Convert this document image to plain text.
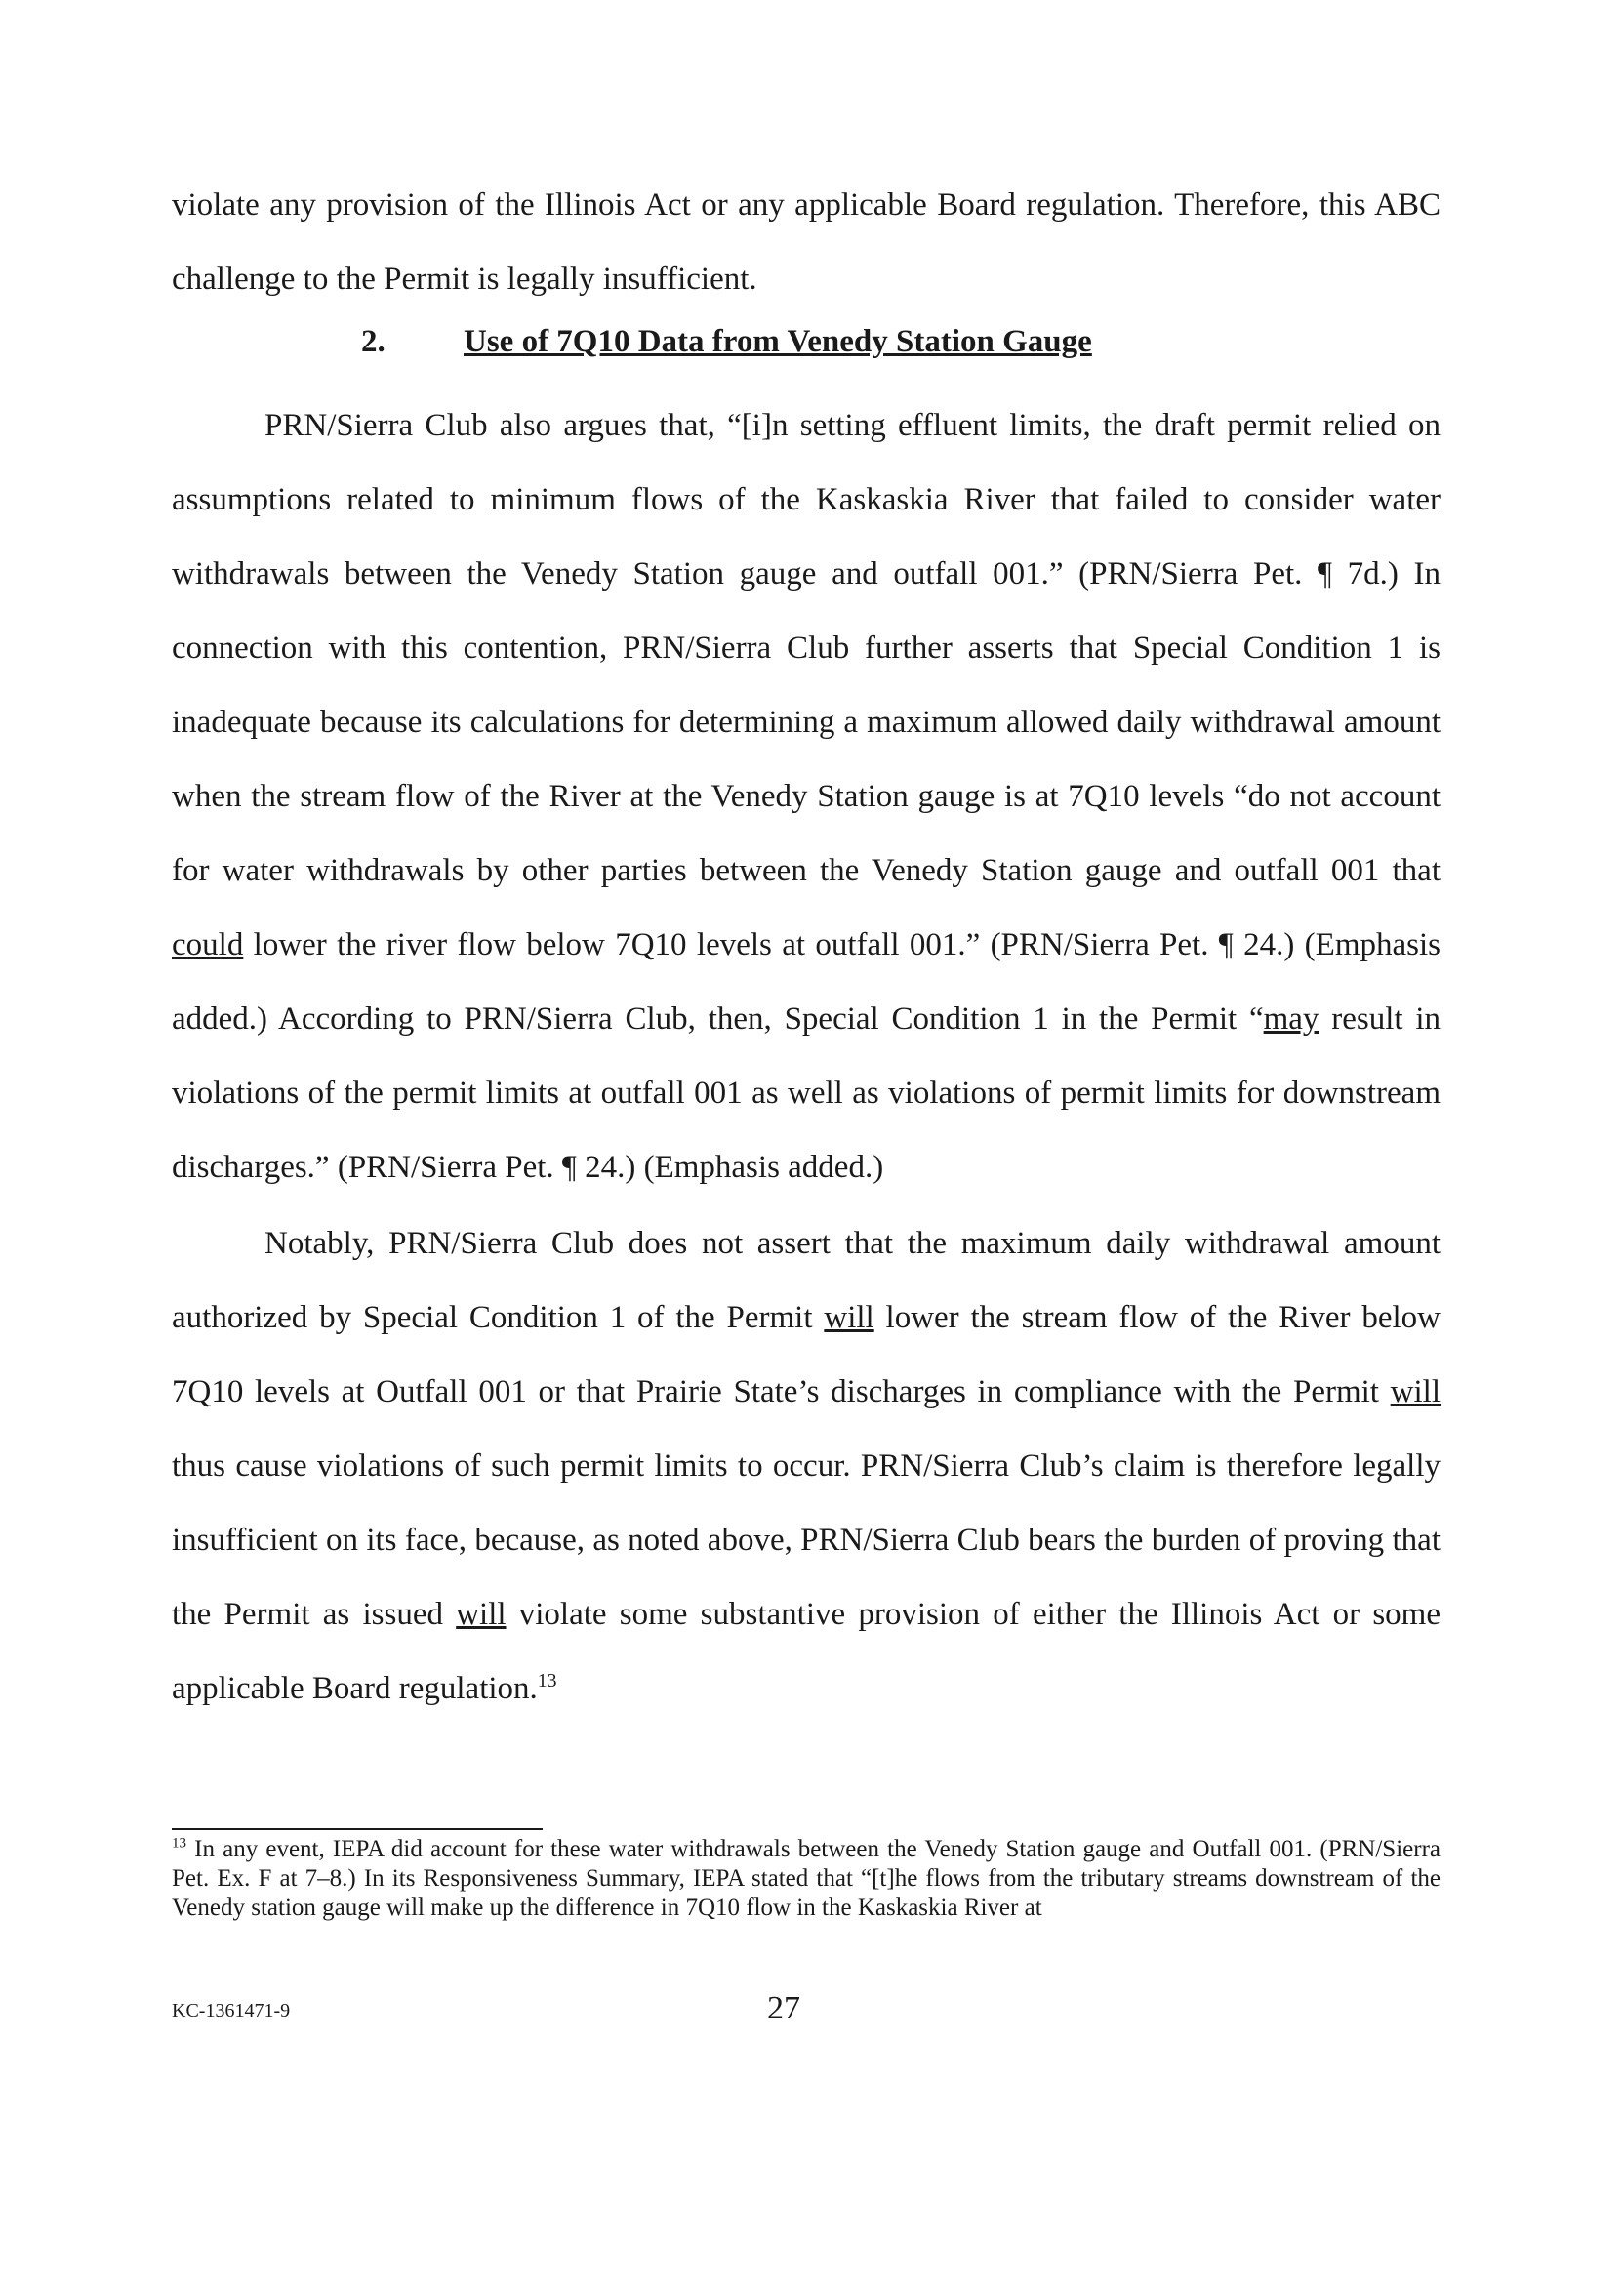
violate any provision of the Illinois Act or any applicable Board regulation. Therefore, this ABC challenge to the Permit is legally insufficient.

2. Use of 7Q10 Data from Venedy Station Gauge

PRN/Sierra Club also argues that, “[i]n setting effluent limits, the draft permit relied on assumptions related to minimum flows of the Kaskaskia River that failed to consider water withdrawals between the Venedy Station gauge and outfall 001.” (PRN/Sierra Pet. ¶ 7d.) In connection with this contention, PRN/Sierra Club further asserts that Special Condition 1 is inadequate because its calculations for determining a maximum allowed daily withdrawal amount when the stream flow of the River at the Venedy Station gauge is at 7Q10 levels “do not account for water withdrawals by other parties between the Venedy Station gauge and outfall 001 that could lower the river flow below 7Q10 levels at outfall 001.” (PRN/Sierra Pet. ¶ 24.) (Emphasis added.) According to PRN/Sierra Club, then, Special Condition 1 in the Permit “may result in violations of the permit limits at outfall 001 as well as violations of permit limits for downstream discharges.” (PRN/Sierra Pet. ¶ 24.) (Emphasis added.)

Notably, PRN/Sierra Club does not assert that the maximum daily withdrawal amount authorized by Special Condition 1 of the Permit will lower the stream flow of the River below 7Q10 levels at Outfall 001 or that Prairie State’s discharges in compliance with the Permit will thus cause violations of such permit limits to occur. PRN/Sierra Club’s claim is therefore legally insufficient on its face, because, as noted above, PRN/Sierra Club bears the burden of proving that the Permit as issued will violate some substantive provision of either the Illinois Act or some applicable Board regulation.$^{13}$

$^{13}$ In any event, IEPA did account for these water withdrawals between the Venedy Station gauge and Outfall 001. (PRN/Sierra Pet. Ex. F at 7–8.) In its Responsiveness Summary, IEPA stated that “[t]he flows from the tributary streams downstream of the Venedy station gauge will make up the difference in 7Q10 flow in the Kaskaskia River at

KC-1361471-9	27
